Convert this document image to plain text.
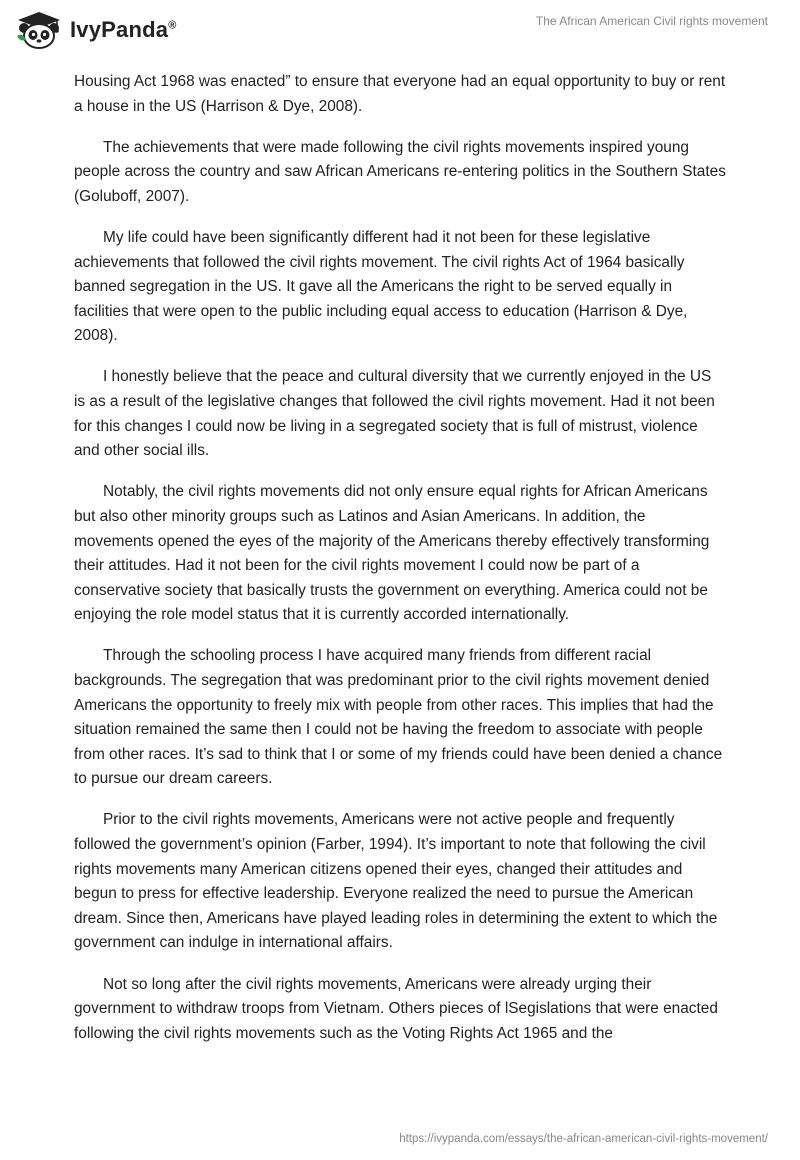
IvyPanda®	The African American Civil rights movement

Housing Act 1968 was enacted” to ensure that everyone had an equal opportunity to buy or rent a house in the US (Harrison & Dye, 2008).

The achievements that were made following the civil rights movements inspired young people across the country and saw African Americans re-entering politics in the Southern States (Goluboff, 2007).

My life could have been significantly different had it not been for these legislative achievements that followed the civil rights movement. The civil rights Act of 1964 basically banned segregation in the US. It gave all the Americans the right to be served equally in facilities that were open to the public including equal access to education (Harrison & Dye, 2008).

I honestly believe that the peace and cultural diversity that we currently enjoyed in the US is as a result of the legislative changes that followed the civil rights movement. Had it not been for this changes I could now be living in a segregated society that is full of mistrust, violence and other social ills.

Notably, the civil rights movements did not only ensure equal rights for African Americans but also other minority groups such as Latinos and Asian Americans. In addition, the movements opened the eyes of the majority of the Americans thereby effectively transforming their attitudes. Had it not been for the civil rights movement I could now be part of a conservative society that basically trusts the government on everything. America could not be enjoying the role model status that it is currently accorded internationally.

Through the schooling process I have acquired many friends from different racial backgrounds. The segregation that was predominant prior to the civil rights movement denied Americans the opportunity to freely mix with people from other races. This implies that had the situation remained the same then I could not be having the freedom to associate with people from other races. It’s sad to think that I or some of my friends could have been denied a chance to pursue our dream careers.

Prior to the civil rights movements, Americans were not active people and frequently followed the government’s opinion (Farber, 1994). It’s important to note that following the civil rights movements many American citizens opened their eyes, changed their attitudes and begun to press for effective leadership. Everyone realized the need to pursue the American dream. Since then, Americans have played leading roles in determining the extent to which the government can indulge in international affairs.

Not so long after the civil rights movements, Americans were already urging their government to withdraw troops from Vietnam. Others pieces of lSegislations that were enacted following the civil rights movements such as the Voting Rights Act 1965 and the

https://ivypanda.com/essays/the-african-american-civil-rights-movement/
